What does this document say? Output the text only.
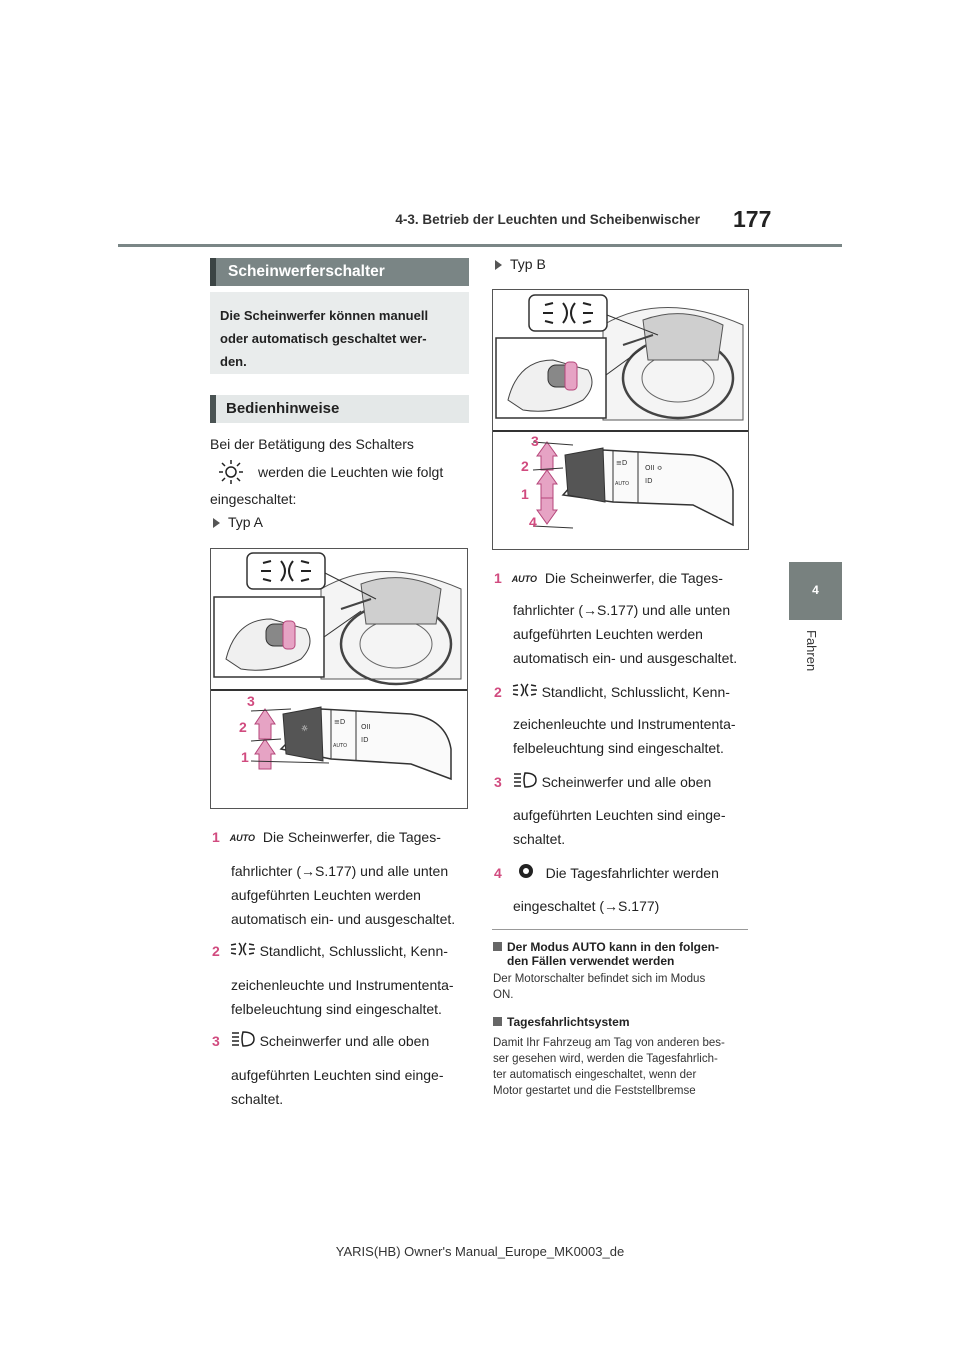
4-3. Betrieb der Leuchten und Scheibenwischer 177
4
Fahren
Scheinwerferschalter
Die Scheinwerfer können manuell
oder automatisch geschaltet wer-
den.
Bedienhinweise
Bei der Betätigung des Schalters
werden die Leuchten wie folgt
eingeschaltet:
Typ A
☼
≡D
OII
ID
AUTO
3
2
1
1 AUTO Die Scheinwerfer, die Tages-
fahrlichter (→S.177) und alle unten
aufgeführten Leuchten werden
automatisch ein- und ausgeschaltet.
2	Standlicht, Schlusslicht, Kenn-
zeichenleuchte und Instrumententa-
felbeleuchtung sind eingeschaltet.
3	Scheinwerfer und alle oben
aufgeführten Leuchten sind einge-
schaltet.
Typ B
≡D
OII ≎
ID
AUTO
3
2
1
4
1 AUTO Die Scheinwerfer, die Tages-
fahrlichter (→S.177) und alle unten
aufgeführten Leuchten werden
automatisch ein- und ausgeschaltet.
2	Standlicht, Schlusslicht, Kenn-
zeichenleuchte und Instrumententa-
felbeleuchtung sind eingeschaltet.
3	Scheinwerfer und alle oben
aufgeführten Leuchten sind einge-
schaltet.
4	Die Tagesfahrlichter werden
eingeschaltet (→S.177)
Der Modus AUTO kann in den folgen-
den Fällen verwendet werden
Der Motorschalter befindet sich im Modus
ON.
Tagesfahrlichtsystem
Damit Ihr Fahrzeug am Tag von anderen bes-
ser gesehen wird, werden die Tagesfahrlich-
ter automatisch eingeschaltet, wenn der
Motor gestartet und die Feststellbremse
YARIS(HB) Owner's Manual_Europe_MK0003_de
